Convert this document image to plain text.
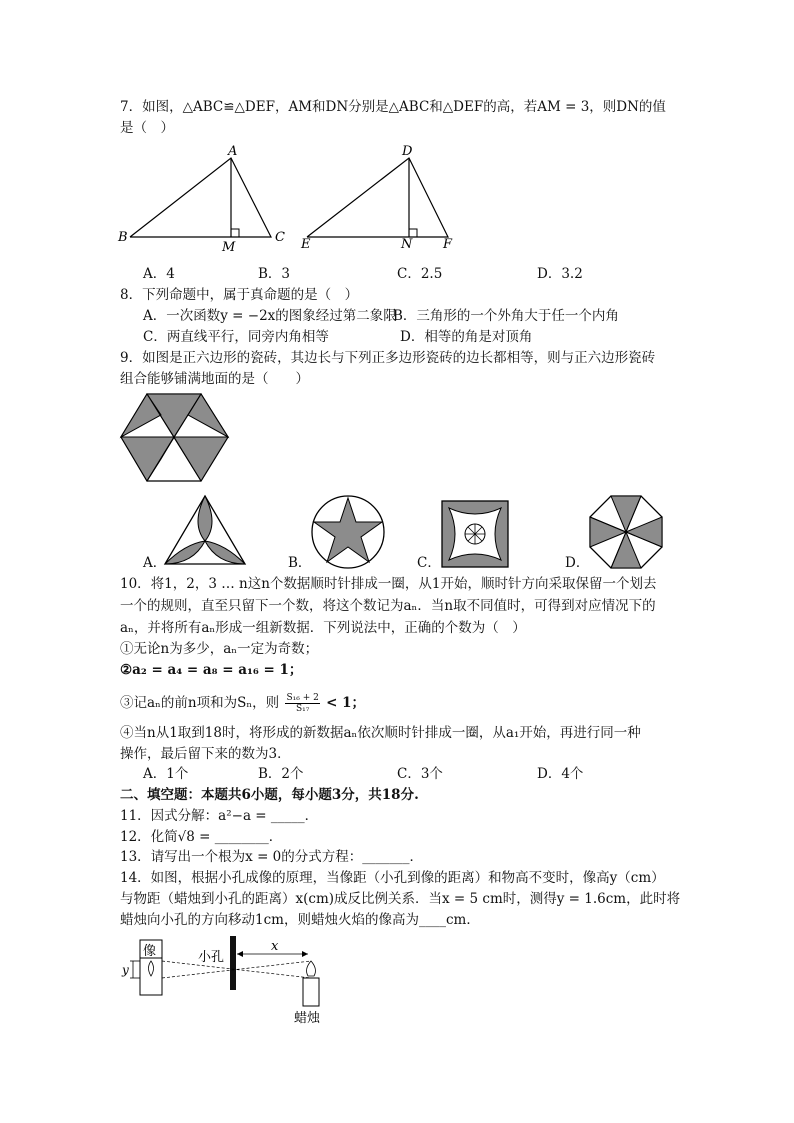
7．如图，△ABC≌△DEF，AM和DN分别是△ABC和△DEF的高，若AM = 3，则DN的值
是（　）
A
B	C
M
D
E	F
N
A．4	B．3	C．2.5	D．3.2
8．下列命题中，属于真命题的是（　）
A．一次函数y = −2x的图象经过第二象限
B．三角形的一个外角大于任一个内角
C．两直线平行，同旁内角相等	D．相等的角是对顶角
9．如图是正六边形的瓷砖，其边长与下列正多边形瓷砖的边长都相等，则与正六边形瓷砖
组合能够铺满地面的是（　　）
A．	B．	C．	D．
10．将1，2，3 … n这n个数据顺时针排成一圈，从1开始，顺时针方向采取保留一个划去
一个的规则，直至只留下一个数，将这个数记为aₙ．当n取不同值时，可得到对应情况下的
aₙ，并将所有aₙ形成一组新数据．下列说法中，正确的个数为（　）
①无论n为多少，aₙ一定为奇数；
②a₂ = a₄ = a₈ = a₁₆ = 1；
③记aₙ的前n项和为Sₙ，则 $\frac{\text{S₁₆ + 2}}{\text{S₁₇}} < 1$；
④当n从1取到18时，将形成的新数据aₙ依次顺时针排成一圈，从a₁开始，再进行同一种
操作，最后留下来的数为3．
A．1个	B．2个	C．3个	D．4个
二、填空题：本题共6小题，每小题3分，共18分.
11．因式分解：a²−a = _____．
12．化简√8 = ________．
13．请写出一个根为x = 0的分式方程：_______．
14．如图，根据小孔成像的原理，当像距（小孔到像的距离）和物高不变时，像高y（cm）
与物距（蜡烛到小孔的距离）x(cm)成反比例关系．当x = 5 cm时，测得y = 1.6cm，此时将
蜡烛向小孔的方向移动1cm，则蜡烛火焰的像高为____cm．
像
y
小孔
x
蜡烛
